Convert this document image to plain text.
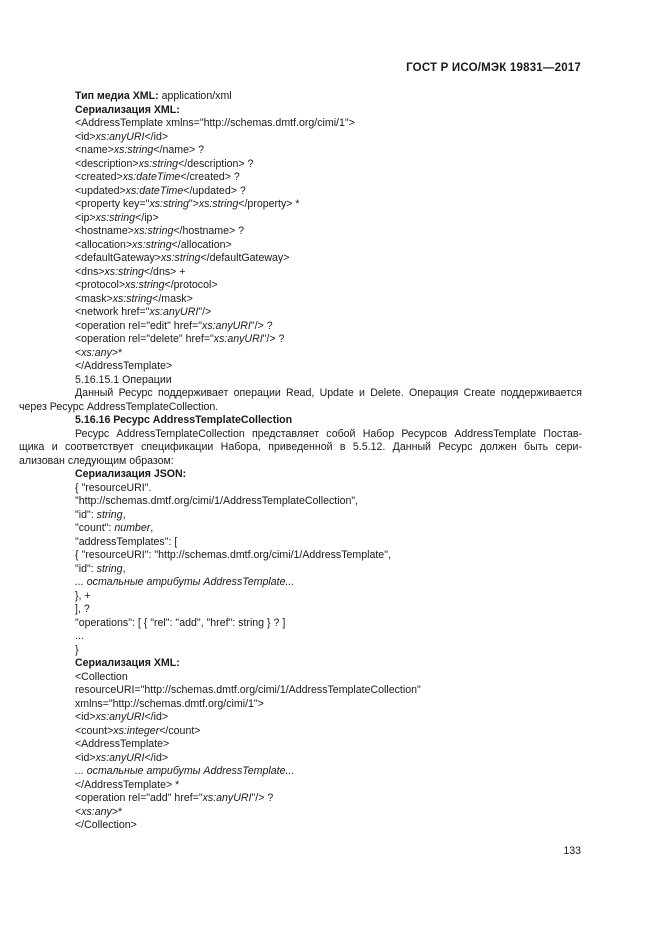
ГОСТ Р ИСО/МЭК 19831—2017
Тип медиа XML: application/xml
Сериализация XML:
<AddressTemplate xmlns="http://schemas.dmtf.org/cimi/1">
<id>xs:anyURI</id>
<name>xs:string</name> ?
<description>xs:string</description> ?
<created>xs:dateTime</created> ?
<updated>xs:dateTime</updated> ?
<property key="xs:string">xs:string</property> *
<ip>xs:string</ip>
<hostname>xs:string</hostname> ?
<allocation>xs:string</allocation>
<defaultGateway>xs:string</defaultGateway>
<dns>xs:string</dns> +
<protocol>xs:string</protocol>
<mask>xs:string</mask>
<network href="xs:anyURI"/>
<operation rel="edit" href="xs:anyURI"/> ?
<operation rel="delete" href="xs:anyURI"/> ?
<xs:any>*
</AddressTemplate>
5.16.15.1 Операции
Данный Ресурс поддерживает операции Read, Update и Delete. Операция Create поддерживается
через Ресурс AddressTemplateCollection.
5.16.16 Ресурс AddressTemplateCollection
Ресурс AddressTemplateCollection представляет собой Набор Ресурсов AddressTemplate Постав-
щика и соответствует спецификации Набора, приведенной в 5.5.12. Данный Ресурс должен быть сери-
ализован следующим образом:
Сериализация JSON:
{ "resourceURI".
"http://schemas.dmtf.org/cimi/1/AddressTemplateCollection",
"id": string,
"count": number,
"addressTemplates": [
{ "resourceURI": "http://schemas.dmtf.org/cimi/1/AddressTemplate",
"id": string,
... остальные атрибуты AddressTemplate...
}, +
], ?
"operations": [ { "rel": "add", "href": string } ? ]
...
}
Сериализация XML:
<Collection
resourceURI="http://schemas.dmtf.org/cimi/1/AddressTemplateCollection"
xmlns="http://schemas.dmtf.org/cimi/1">
<id>xs:anyURI</id>
<count>xs:integer</count>
<AddressTemplate>
<id>xs:anyURI</id>
... остальные атрибуты AddressTemplate...
</AddressTemplate> *
<operation rel="add" href="xs:anyURI"/> ?
<xs:any>*
</Collection>
133
